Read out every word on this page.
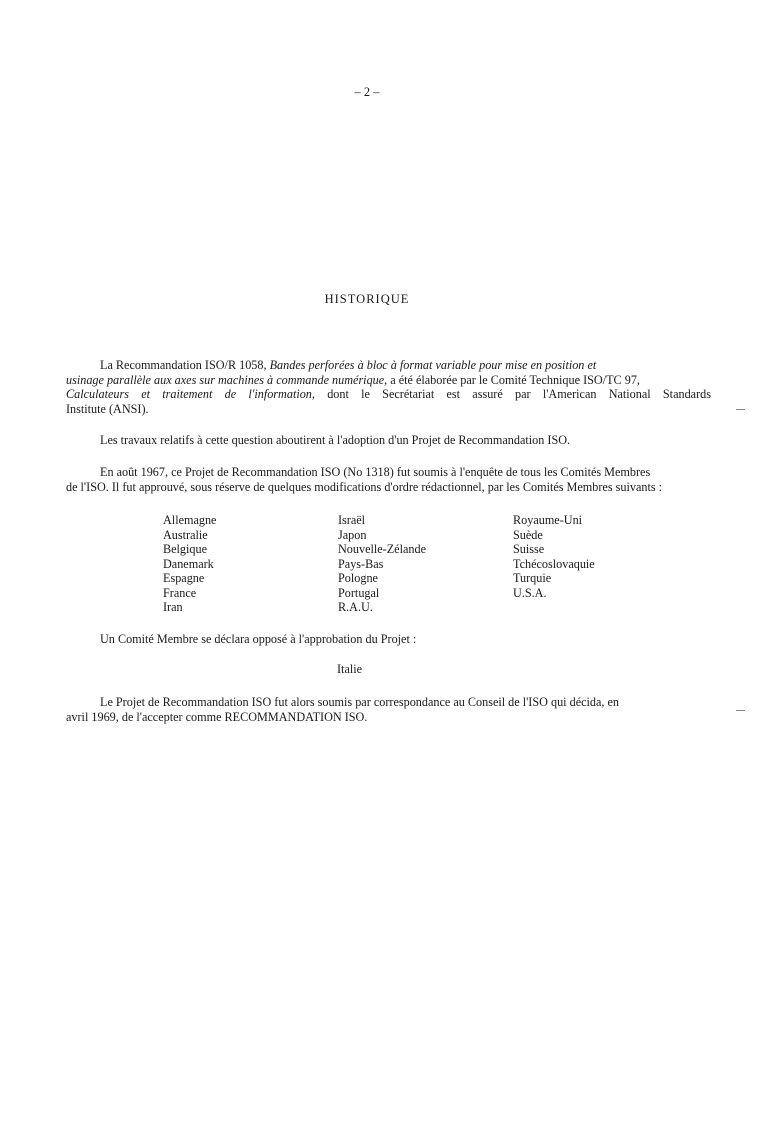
– 2 –
HISTORIQUE
La Recommandation ISO/R 1058, Bandes perforées à bloc à format variable pour mise en position et
usinage parallèle aux axes sur machines à commande numérique, a été élaborée par le Comité Technique ISO/TC 97,
Calculateurs et traitement de l'information, dont le Secrétariat est assuré par l'American National Standards
Institute (ANSI).
Les travaux relatifs à cette question aboutirent à l'adoption d'un Projet de Recommandation ISO.
En août 1967, ce Projet de Recommandation ISO (No 1318) fut soumis à l'enquête de tous les Comités Membres
de l'ISO. Il fut approuvé, sous réserve de quelques modifications d'ordre rédactionnel, par les Comités Membres suivants :
Allemagne
Australie
Belgique
Danemark
Espagne
France
Iran
Israël
Japon
Nouvelle-Zélande
Pays-Bas
Pologne
Portugal
R.A.U.
Royaume-Uni
Suède
Suisse
Tchécoslovaquie
Turquie
U.S.A.
Un Comité Membre se déclara opposé à l'approbation du Projet :
Italie
Le Projet de Recommandation ISO fut alors soumis par correspondance au Conseil de l'ISO qui décida, en
avril 1969, de l'accepter comme RECOMMANDATION ISO.
